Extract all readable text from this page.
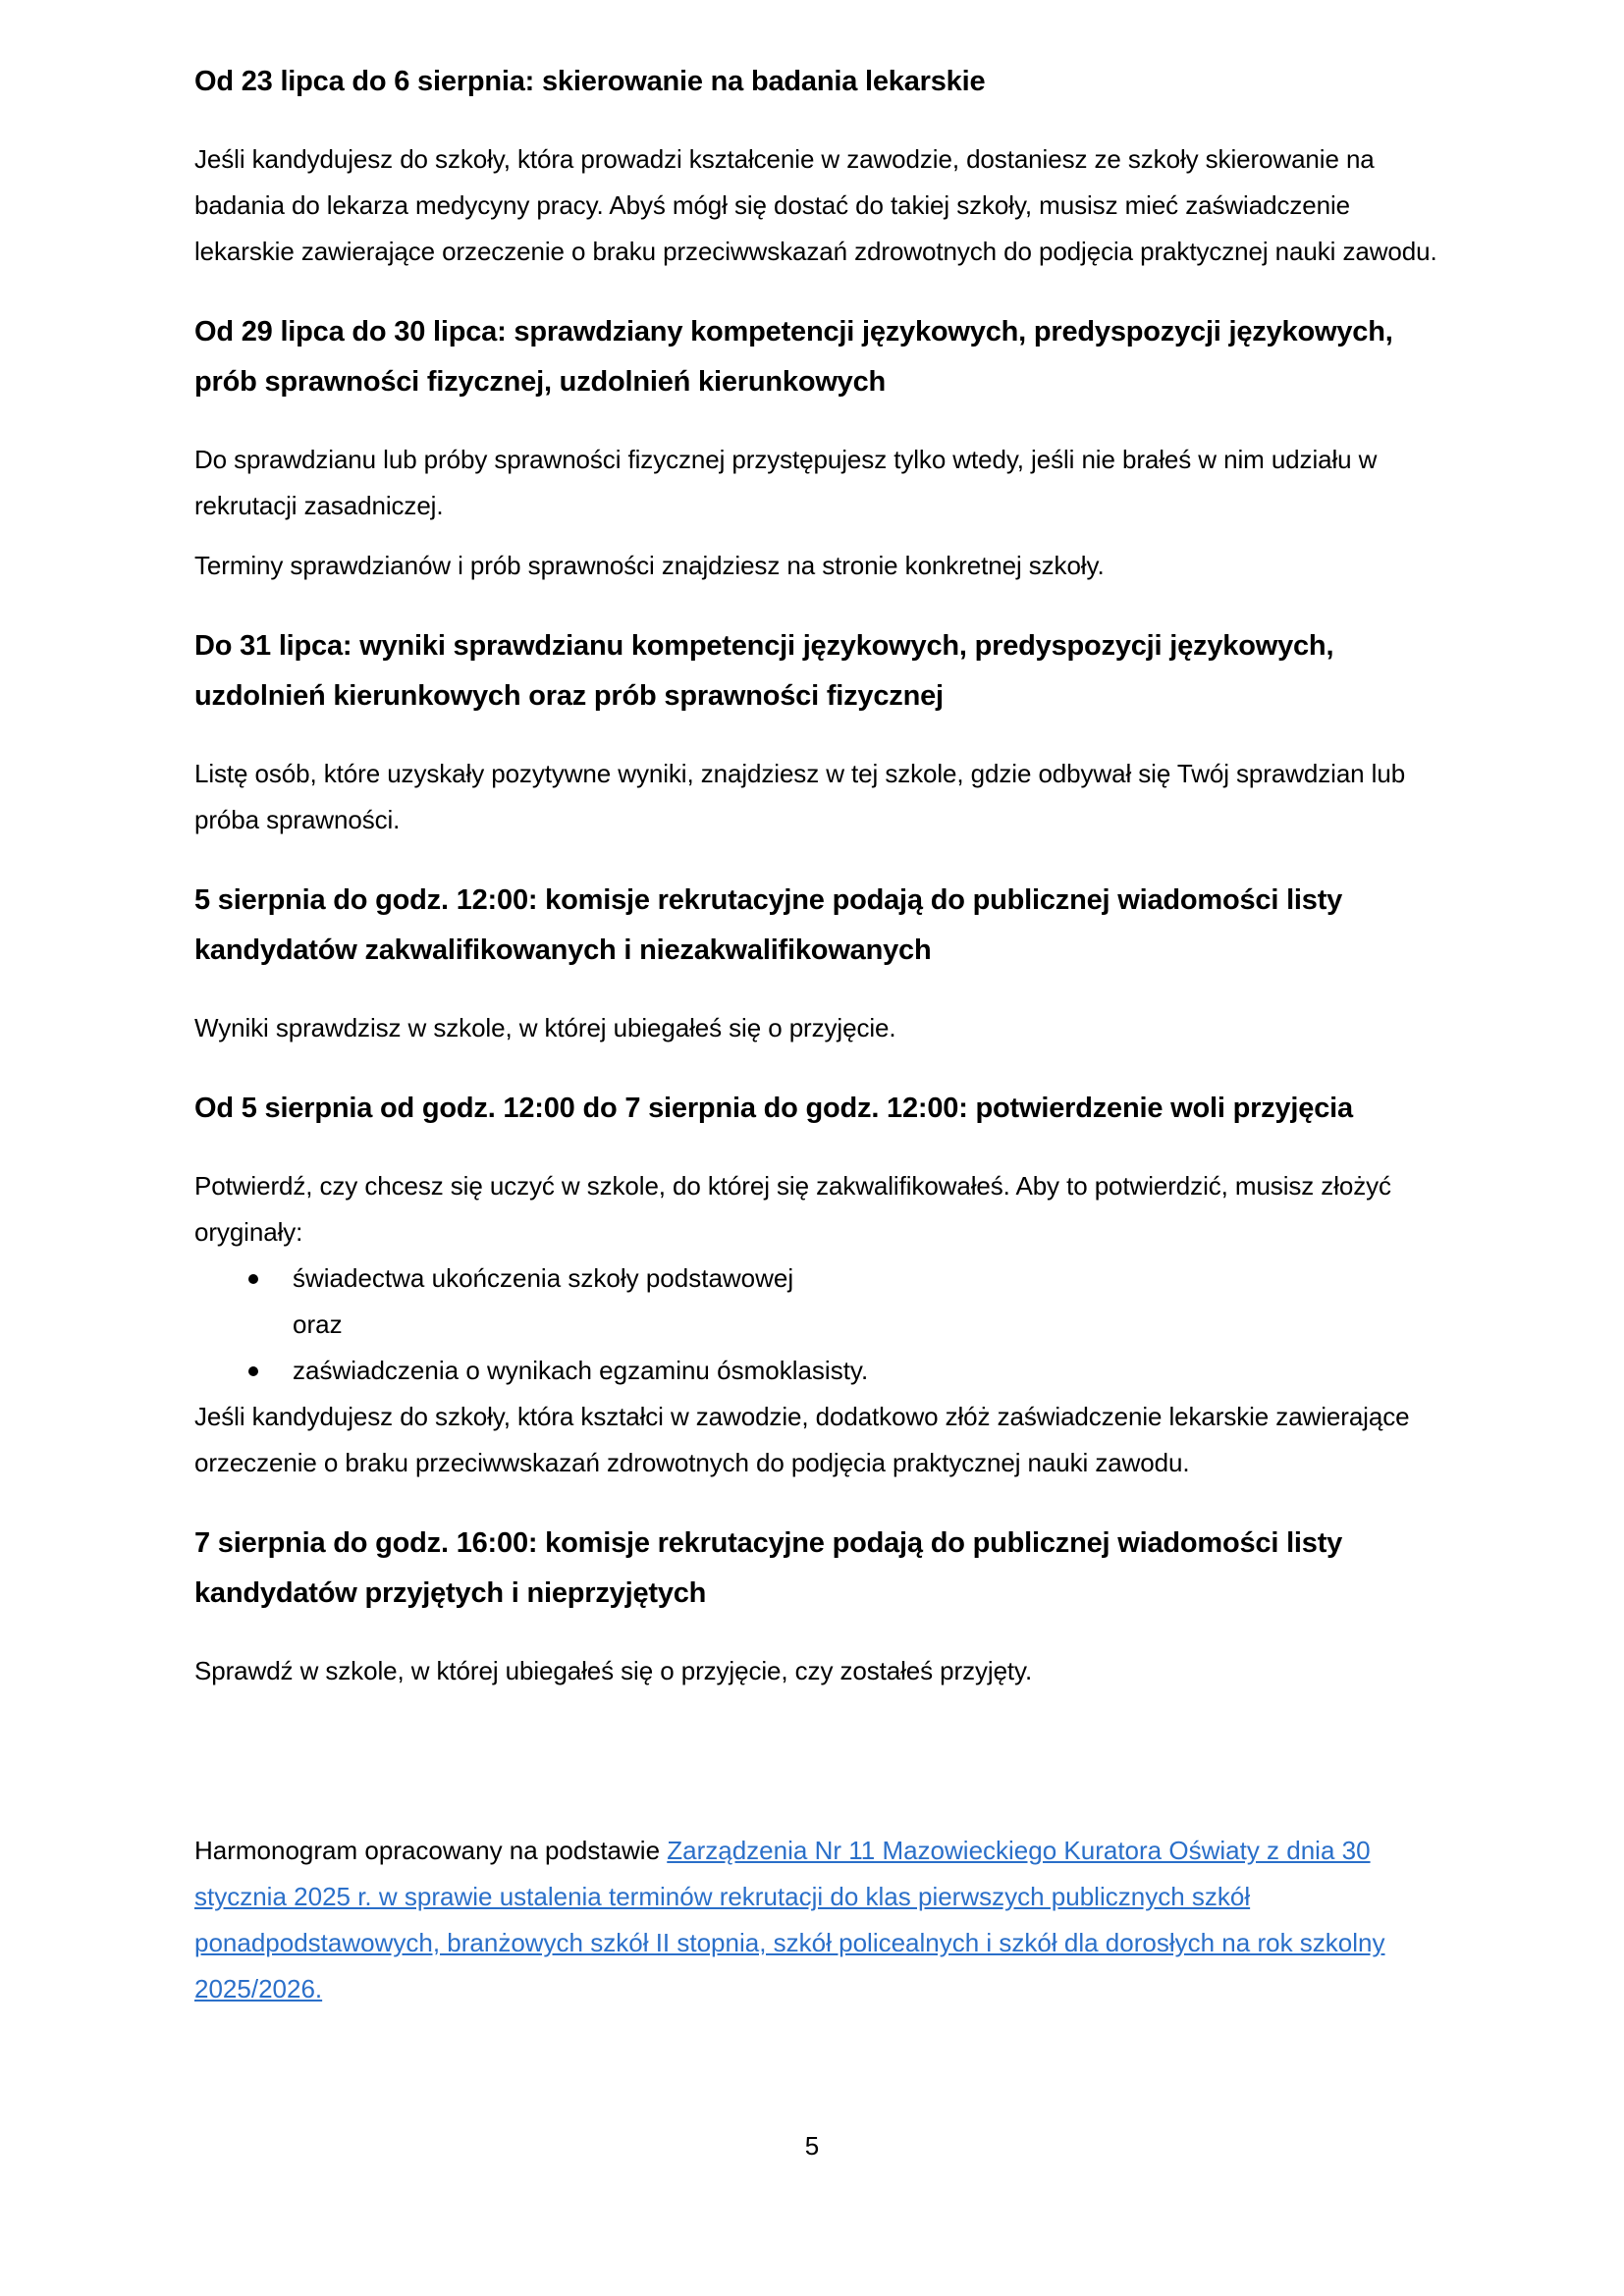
Od 23 lipca do 6 sierpnia: skierowanie na badania lekarskie

Jeśli kandydujesz do szkoły, która prowadzi kształcenie w zawodzie, dostaniesz ze szkoły skierowanie na badania do lekarza medycyny pracy. Abyś mógł się dostać do takiej szkoły, musisz mieć zaświadczenie lekarskie zawierające orzeczenie o braku przeciwwskazań zdrowotnych do podjęcia praktycznej nauki zawodu.

Od 29 lipca do 30 lipca: sprawdziany kompetencji językowych, predyspozycji językowych, prób sprawności fizycznej, uzdolnień kierunkowych

Do sprawdzianu lub próby sprawności fizycznej przystępujesz tylko wtedy, jeśli nie brałeś w nim udziału w rekrutacji zasadniczej.

Terminy sprawdzianów i prób sprawności znajdziesz na stronie konkretnej szkoły.

Do 31 lipca: wyniki sprawdzianu kompetencji językowych, predyspozycji językowych, uzdolnień kierunkowych oraz prób sprawności fizycznej

Listę osób, które uzyskały pozytywne wyniki, znajdziesz w tej szkole, gdzie odbywał się Twój sprawdzian lub próba sprawności.

5 sierpnia do godz. 12:00: komisje rekrutacyjne podają do publicznej wiadomości listy kandydatów zakwalifikowanych i niezakwalifikowanych

Wyniki sprawdzisz w szkole, w której ubiegałeś się o przyjęcie.

Od 5 sierpnia od godz. 12:00 do 7 sierpnia do godz. 12:00: potwierdzenie woli przyjęcia

Potwierdź, czy chcesz się uczyć w szkole, do której się zakwalifikowałeś. Aby to potwierdzić, musisz złożyć oryginały:

świadectwa ukończenia szkoły podstawowej
oraz
zaświadczenia o wynikach egzaminu ósmoklasisty.

Jeśli kandydujesz do szkoły, która kształci w zawodzie, dodatkowo złóż zaświadczenie lekarskie zawierające orzeczenie o braku przeciwwskazań zdrowotnych do podjęcia praktycznej nauki zawodu.

7 sierpnia do godz. 16:00: komisje rekrutacyjne podają do publicznej wiadomości listy kandydatów przyjętych i nieprzyjętych

Sprawdź w szkole, w której ubiegałeś się o przyjęcie, czy zostałeś przyjęty.

Harmonogram opracowany na podstawie Zarządzenia Nr 11 Mazowieckiego Kuratora Oświaty z dnia 30 stycznia 2025 r. w sprawie ustalenia terminów rekrutacji do klas pierwszych publicznych szkół ponadpodstawowych, branżowych szkół II stopnia, szkół policealnych i szkół dla dorosłych na rok szkolny 2025/2026.
5
